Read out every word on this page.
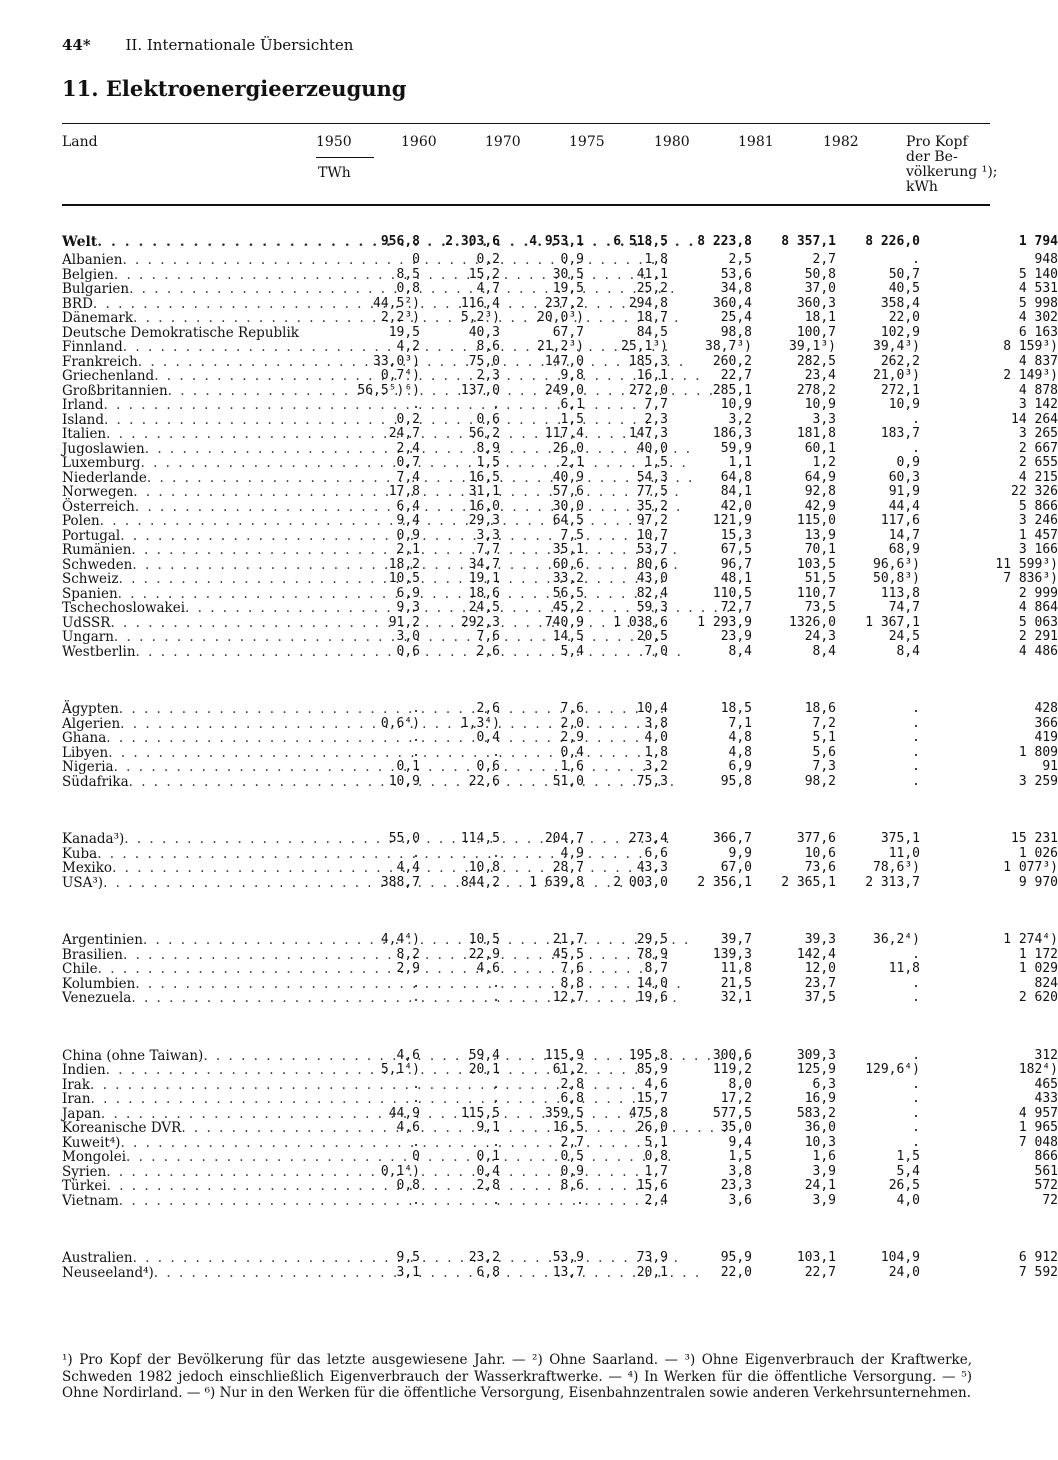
44* II. Internationale Übersichten
11. Elektroenergieerzeugung
Land	1950	1960	1970	1975	1980	1981	1982
TWh
Pro Kopf
der Be-
völkerung ¹);
kWh
Welt
. . .	956,8	2 303,6	4 953,1	6 518,5	8 223,8	8 357,1	8 226,0	1 794

Albanien
. . .	0	0,2	0,9	1,8	2,5	2,7	.	948

Belgien
. . .	8,5	15,2	30,5	41,1	53,6	50,8	50,7	5 140

Bulgarien
. . .	0,8	4,7	19,5	25,2	34,8	37,0	40,5	4 531

BRD
. . .	44,5²)	116,4	237,2	294,8	360,4	360,3	358,4	5 998

Dänemark
. . .	2,2³)	5,2³)	20,0³)	18,7	25,4	18,1	22,0	4 302

Deutsche Demokratische Republik
. . .	19,5	40,3	67,7	84,5	98,8	100,7	102,9	6 163

Finnland
. . .	4,2	8,6	21,2³)	25,1³)	38,7³)	39,1³)	39,4³)	8 159³)

Frankreich
. . .	33,0³)	75,0	147,0	185,3	260,2	282,5	262,2	4 837

Griechenland
. . .	0,7⁴)	2,3	9,8	16,1	22,7	23,4	21,0³)	2 149³)

Großbritannien
. . .	56,5⁵)⁶)	137,0	249,0	272,0	285,1	278,2	272,1	4 878

Irland
. . .	.	.	6,1	7,7	10,9	10,9	10,9	3 142

Island
. . .	0,2	0,6	1,5	2,3	3,2	3,3	.	14 264

Italien
. . .	24,7	56,2	117,4	147,3	186,3	181,8	183,7	3 265

Jugoslawien
. . .	2,4	8,9	26,0	40,0	59,9	60,1	.	2 667

Luxemburg
. . .	0,7	1,5	2,1	1,5	1,1	1,2	0,9	2 655

Niederlande
. . .	7,4	16,5	40,9	54,3	64,8	64,9	60,3	4 215

Norwegen
. . .	17,8	31,1	57,6	77,5	84,1	92,8	91,9	22 326

Österreich
. . .	6,4	16,0	30,0	35,2	42,0	42,9	44,4	5 866

Polen
. . .	9,4	29,3	64,5	97,2	121,9	115,0	117,6	3 246

Portugal
. . .	0,9	3,3	7,5	10,7	15,3	13,9	14,7	1 457

Rumänien
. . .	2,1	7,7	35,1	53,7	67,5	70,1	68,9	3 166

Schweden
. . .	18,2	34,7	60,6	80,6	96,7	103,5	96,6³)	11 599³)

Schweiz
. . .	10,5	19,1	33,2	43,0	48,1	51,5	50,8³)	7 836³)

Spanien
. . .	6,9	18,6	56,5	82,4	110,5	110,7	113,8	2 999

Tschechoslowakei
. . .	9,3	24,5	45,2	59,3	72,7	73,5	74,7	4 864

UdSSR
. . .	91,2	292,3	740,9	1 038,6	1 293,9	1326,0	1 367,1	5 063

Ungarn
. . .	3,0	7,6	14,5	20,5	23,9	24,3	24,5	2 291

Westberlin
. . .	0,6	2,6	5,4	7,0	8,4	8,4	8,4	4 486

Ägypten
. . .	.	2,6	7,6	10,4	18,5	18,6	.	428

Algerien
. . .	0,6⁴)	1,3⁴)	2,0	3,8	7,1	7,2	.	366

Ghana
. . .	.	0,4	2,9	4,0	4,8	5,1	.	419

Libyen
. . .	.	.	0,4	1,8	4,8	5,6	.	1 809

Nigeria
. . .	0,1	0,6	1,6	3,2	6,9	7,3	.	91

Südafrika
. . .	10,9	22,6	51,0	75,3	95,8	98,2	.	3 259

Kanada³)
. . .	55,0	114,5	204,7	273,4	366,7	377,6	375,1	15 231

Kuba
. . .	.	.	4,9	6,6	9,9	10,6	11,0	1 026

Mexiko
. . .	4,4	10,8	28,7	43,3	67,0	73,6	78,6³)	1 077³)

USA³)
. . .	388,7	844,2	1 639,8	2 003,0	2 356,1	2 365,1	2 313,7	9 970

Argentinien
. . .	4,4⁴)	10,5	21,7	29,5	39,7	39,3	36,2⁴)	1 274⁴)

Brasilien
. . .	8,2	22,9	45,5	78,9	139,3	142,4	.	1 172

Chile
. . .	2,9	4,6	7,6	8,7	11,8	12,0	11,8	1 029

Kolumbien
. . .	.	.	8,8	14,0	21,5	23,7	.	824

Venezuela
. . .	.	.	12,7	19,6	32,1	37,5	.	2 620

China (ohne Taiwan)
. . .	4,6	59,4	115,9	195,8	300,6	309,3	.	312

Indien
. . .	5,1⁴)	20,1	61,2	85,9	119,2	125,9	129,6⁴)	182⁴)

Irak
. . .	.	.	2,8	4,6	8,0	6,3	.	465

Iran
. . .	.	.	6,8	15,7	17,2	16,9	.	433

Japan
. . .	44,9	115,5	359,5	475,8	577,5	583,2	.	4 957

Koreanische DVR
. . .	4,6	9,1	16,5	26,0	35,0	36,0	.	1 965

Kuweit⁴)
. . .	.	.	2,7	5,1	9,4	10,3	.	7 048

Mongolei
. . .	0	0,1	0,5	0,8	1,5	1,6	1,5	866

Syrien
. . .	0,1⁴)	0,4	0,9	1,7	3,8	3,9	5,4	561

Türkei
. . .	0,8	2,8	8,6	15,6	23,3	24,1	26,5	572

Vietnam
. . .	.	.	.	2,4	3,6	3,9	4,0	72

Australien
. . .	9,5	23,2	53,9	73,9	95,9	103,1	104,9	6 912

Neuseeland⁴)
. . .	3,1	6,8	13,7	20,1	22,0	22,7	24,0	7 592
¹) Pro Kopf der Bevölkerung für das letzte ausgewiesene Jahr. — ²) Ohne Saarland. — ³) Ohne Eigenverbrauch der Kraftwerke, Schweden 1982 jedoch einschließlich Eigenverbrauch der Wasserkraftwerke. — ⁴) In Werken für die öffentliche Versorgung. — ⁵) Ohne Nordirland. — ⁶) Nur in den Werken für die öffentliche Versorgung, Eisenbahnzentralen sowie anderen Verkehrsunternehmen.
